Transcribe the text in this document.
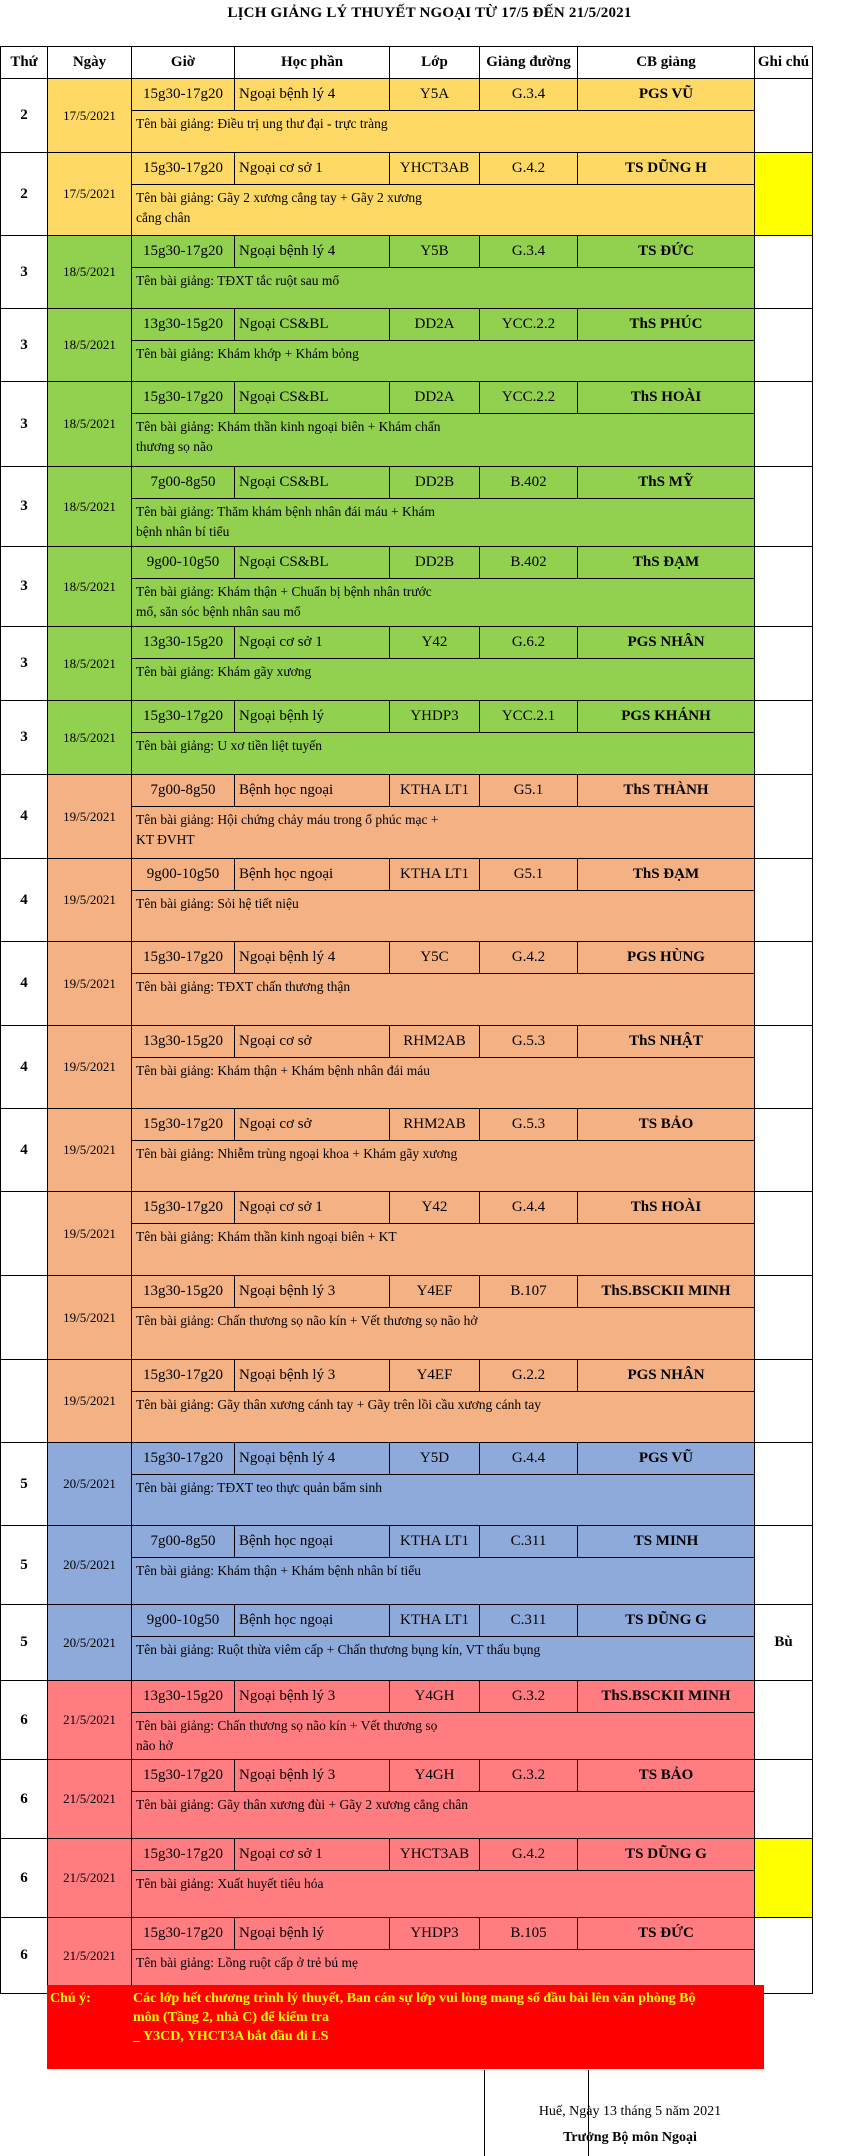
LỊCH GIẢNG LÝ THUYẾT NGOẠI TỪ 17/5 ĐẾN 21/5/2021
Thứ	Ngày	Giờ	Học phần	Lớp	Giảng đường	CB giảng	Ghi chú
2	17/5/2021	15g30-17g20	Ngoại bệnh lý 4	Y5A	G.3.4	PGS VŨ	

		Tên bài giảng: Điều trị ung thư đại - trực tràng					

2	17/5/2021	15g30-17g20	Ngoại cơ sở 1	YHCT3AB	G.4.2	TS DŨNG H	

		Tên bài giảng: Gãy 2 xương cẳng tay + Gãy 2 xương
cẳng chân					

3	18/5/2021	15g30-17g20	Ngoại bệnh lý 4	Y5B	G.3.4	TS ĐỨC	

		Tên bài giảng: TĐXT tắc ruột sau mổ					

3	18/5/2021	13g30-15g20	Ngoại CS&BL	DD2A	YCC.2.2	ThS PHÚC	

		Tên bài giảng: Khám khớp + Khám bỏng					

3	18/5/2021	15g30-17g20	Ngoại CS&BL	DD2A	YCC.2.2	ThS HOÀI	

		Tên bài giảng: Khám thần kinh ngoại biên + Khám chấn
thương sọ não					

3	18/5/2021	7g00-8g50	Ngoại CS&BL	DD2B	B.402	ThS MỸ	

		Tên bài giảng: Thăm khám bệnh nhân đái máu + Khám
bệnh nhân bí tiểu					

3	18/5/2021	9g00-10g50	Ngoại CS&BL	DD2B	B.402	ThS ĐẠM	

		Tên bài giảng: Khám thận + Chuẩn bị bệnh nhân trước
mổ, săn sóc bệnh nhân sau mổ					

3	18/5/2021	13g30-15g20	Ngoại cơ sở 1	Y42	G.6.2	PGS NHÂN	

		Tên bài giảng: Khám gãy xương					

3	18/5/2021	15g30-17g20	Ngoại bệnh lý	YHDP3	YCC.2.1	PGS KHÁNH	

		Tên bài giảng: U xơ tiền liệt tuyến					

4	19/5/2021	7g00-8g50	Bệnh học ngoại	KTHA LT1	G5.1	ThS THÀNH	

		Tên bài giảng: Hội chứng chảy máu trong ổ phúc mạc +
KT ĐVHT					

4	19/5/2021	9g00-10g50	Bệnh học ngoại	KTHA LT1	G5.1	ThS ĐẠM	

		Tên bài giảng: Sỏi hệ tiết niệu					

4	19/5/2021	15g30-17g20	Ngoại bệnh lý 4	Y5C	G.4.2	PGS HÙNG	

		Tên bài giảng: TĐXT chấn thương thận					

4	19/5/2021	13g30-15g20	Ngoại cơ sở	RHM2AB	G.5.3	ThS NHẬT	

		Tên bài giảng: Khám thận + Khám bệnh nhân đái máu					

4	19/5/2021	15g30-17g20	Ngoại cơ sở	RHM2AB	G.5.3	TS BẢO	

		Tên bài giảng: Nhiễm trùng ngoại khoa + Khám gãy xương					

	19/5/2021	15g30-17g20	Ngoại cơ sở 1	Y42	G.4.4	ThS HOÀI	

		Tên bài giảng: Khám thần kinh ngoại biên + KT					

	19/5/2021	13g30-15g20	Ngoại bệnh lý 3	Y4EF	B.107	ThS.BSCKII MINH	

		Tên bài giảng: Chấn thương sọ não kín + Vết thương sọ não hở					

	19/5/2021	15g30-17g20	Ngoại bệnh lý 3	Y4EF	G.2.2	PGS NHÂN	

		Tên bài giảng: Gãy thân xương cánh tay + Gãy trên lồi cầu xương cánh tay					

5	20/5/2021	15g30-17g20	Ngoại bệnh lý 4	Y5D	G.4.4	PGS VŨ	

		Tên bài giảng: TĐXT teo thực quản bẩm sinh					

5	20/5/2021	7g00-8g50	Bệnh học ngoại	KTHA LT1	C.311	TS MINH	

		Tên bài giảng: Khám thận + Khám bệnh nhân bí tiểu					

5	20/5/2021	9g00-10g50	Bệnh học ngoại	KTHA LT1	C.311	TS DŨNG G	Bù

		Tên bài giảng: Ruột thừa viêm cấp + Chấn thương bụng kín, VT thấu bụng					

6	21/5/2021	13g30-15g20	Ngoại bệnh lý 3	Y4GH	G.3.2	ThS.BSCKII MINH	

		Tên bài giảng: Chấn thương sọ não kín + Vết thương sọ
não hở					

6	21/5/2021	15g30-17g20	Ngoại bệnh lý 3	Y4GH	G.3.2	TS BẢO	

		Tên bài giảng: Gãy thân xương đùi + Gãy 2 xương cẳng chân					

6	21/5/2021	15g30-17g20	Ngoại cơ sở 1	YHCT3AB	G.4.2	TS DŨNG G	

		Tên bài giảng: Xuất huyết tiêu hóa					

6	21/5/2021	15g30-17g20	Ngoại bệnh lý	YHDP3	B.105	TS ĐỨC	

		Tên bài giảng: Lồng ruột cấp ở trẻ bú mẹ					
Chú ý:	Các lớp hết chương trình lý thuyết, Ban cán sự lớp vui lòng mang sổ đầu bài lên văn phòng Bộ
môn (Tầng 2, nhà C) để kiểm tra
_ Y3CD, YHCT3A bắt đầu đi LS
Huế, Ngày 13 tháng 5 năm 2021
Trưởng Bộ môn Ngoại
